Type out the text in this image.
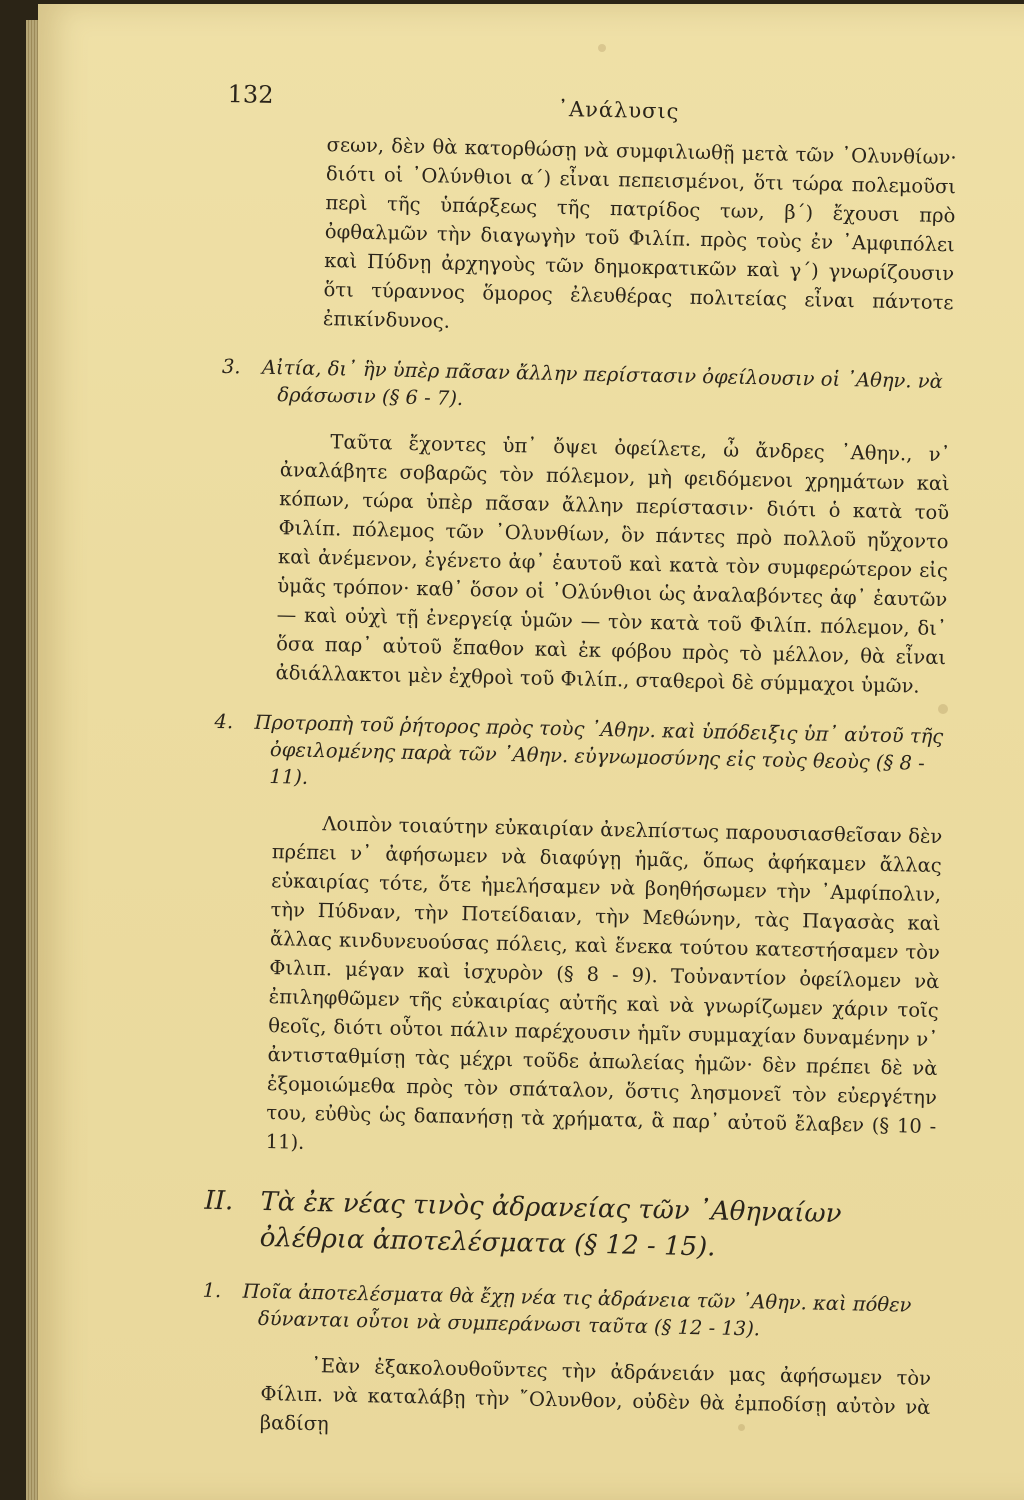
132
᾿Ανάλυσις

σεων, δὲν θὰ κατορθώσῃ νὰ συμφιλιωθῇ μετὰ τῶν ᾿Ολυνθίων· διότι οἱ ᾿Ολύνθιοι α΄) εἶναι πεπεισμένοι, ὅτι τώρα πολεμοῦσι περὶ τῆς ὑπάρξεως τῆς πατρίδος των, β΄) ἔχουσι πρὸ ὀφθαλμῶν τὴν διαγωγὴν τοῦ Φιλίπ. πρὸς τοὺς ἐν ᾿Αμφιπόλει καὶ Πύδνῃ ἀρχηγοὺς τῶν δημοκρατικῶν καὶ γ΄) γνωρίζουσιν ὅτι τύραννος ὅμορος ἐλευθέρας πολιτείας εἶναι πάντοτε ἐπικίνδυνος.

3. Αἰτία, δι᾿ ἣν ὑπὲρ πᾶσαν ἄλλην περίστασιν ὀφείλουσιν οἱ ᾿Αθην. νὰ δράσωσιν (§ 6 - 7).

Ταῦτα ἔχοντες ὑπ᾿ ὄψει ὀφείλετε, ὦ ἄνδρες ᾿Αθην., ν᾿ ἀναλάβητε σοβαρῶς τὸν πόλεμον, μὴ φειδόμενοι χρημάτων καὶ κόπων, τώρα ὑπὲρ πᾶσαν ἄλλην περίστασιν· διότι ὁ κατὰ τοῦ Φιλίπ. πόλεμος τῶν ᾿Ολυνθίων, ὃν πάντες πρὸ πολλοῦ ηὔχοντο καὶ ἀνέμενον, ἐγένετο ἀφ᾿ ἑαυτοῦ καὶ κατὰ τὸν συμφερώτερον εἰς ὑμᾶς τρόπον· καθ᾿ ὅσον οἱ ᾿Ολύνθιοι ὡς ἀναλαβόντες ἀφ᾿ ἑαυτῶν — καὶ οὐχὶ τῇ ἐνεργείᾳ ὑμῶν — τὸν κατὰ τοῦ Φιλίπ. πόλεμον, δι᾿ ὅσα παρ᾿ αὐτοῦ ἔπαθον καὶ ἐκ φόβου πρὸς τὸ μέλλον, θὰ εἶναι ἀδιάλλακτοι μὲν ἐχθροὶ τοῦ Φιλίπ., σταθεροὶ δὲ σύμμαχοι ὑμῶν.

4. Προτροπὴ τοῦ ῥήτορος πρὸς τοὺς ᾿Αθην. καὶ ὑπόδειξις ὑπ᾿ αὐτοῦ τῆς ὀφειλομένης παρὰ τῶν ᾿Αθην. εὐγνωμοσύνης εἰς τοὺς θεοὺς (§ 8 - 11).

Λοιπὸν τοιαύτην εὐκαιρίαν ἀνελπίστως παρουσιασθεῖσαν δὲν πρέπει ν᾿ ἀφήσωμεν νὰ διαφύγῃ ἡμᾶς, ὅπως ἀφήκαμεν ἄλλας εὐκαιρίας τότε, ὅτε ἠμελήσαμεν νὰ βοηθήσωμεν τὴν ᾿Αμφίπολιν, τὴν Πύδναν, τὴν Ποτείδαιαν, τὴν Μεθώνην, τὰς Παγασὰς καὶ ἄλλας κινδυνευούσας πόλεις, καὶ ἕνεκα τούτου κατεστήσαμεν τὸν Φιλιπ. μέγαν καὶ ἰσχυρὸν (§ 8 - 9). Τοὐναντίον ὀφείλομεν νὰ ἐπιληφθῶμεν τῆς εὐκαιρίας αὐτῆς καὶ νὰ γνωρίζωμεν χάριν τοῖς θεοῖς, διότι οὗτοι πάλιν παρέχουσιν ἡμῖν συμμαχίαν δυναμένην ν᾿ ἀντισταθμίσῃ τὰς μέχρι τοῦδε ἀπωλείας ἡμῶν· δὲν πρέπει δὲ νὰ ἐξομοιώμεθα πρὸς τὸν σπάταλον, ὅστις λησμονεῖ τὸν εὐεργέτην του, εὐθὺς ὡς δαπανήσῃ τὰ χρήματα, ἃ παρ᾿ αὐτοῦ ἔλαβεν (§ 10 - 11).

II. Τὰ ἐκ νέας τινὸς ἀδρανείας τῶν ᾿Αθηναίων ὀλέθρια ἀποτελέσματα (§ 12 - 15).
1. Ποῖα ἀποτελέσματα θὰ ἔχῃ νέα τις ἀδράνεια τῶν ᾿Αθην. καὶ πόθεν δύνανται οὗτοι νὰ συμπεράνωσι ταῦτα (§ 12 - 13).

᾿Εὰν ἐξακολουθοῦντες τὴν ἀδράνειάν μας ἀφήσωμεν τὸν Φίλιπ. νὰ καταλάβῃ τὴν ῎Ολυνθον, οὐδὲν θὰ ἐμποδίσῃ αὐτὸν νὰ βαδίσῃ
